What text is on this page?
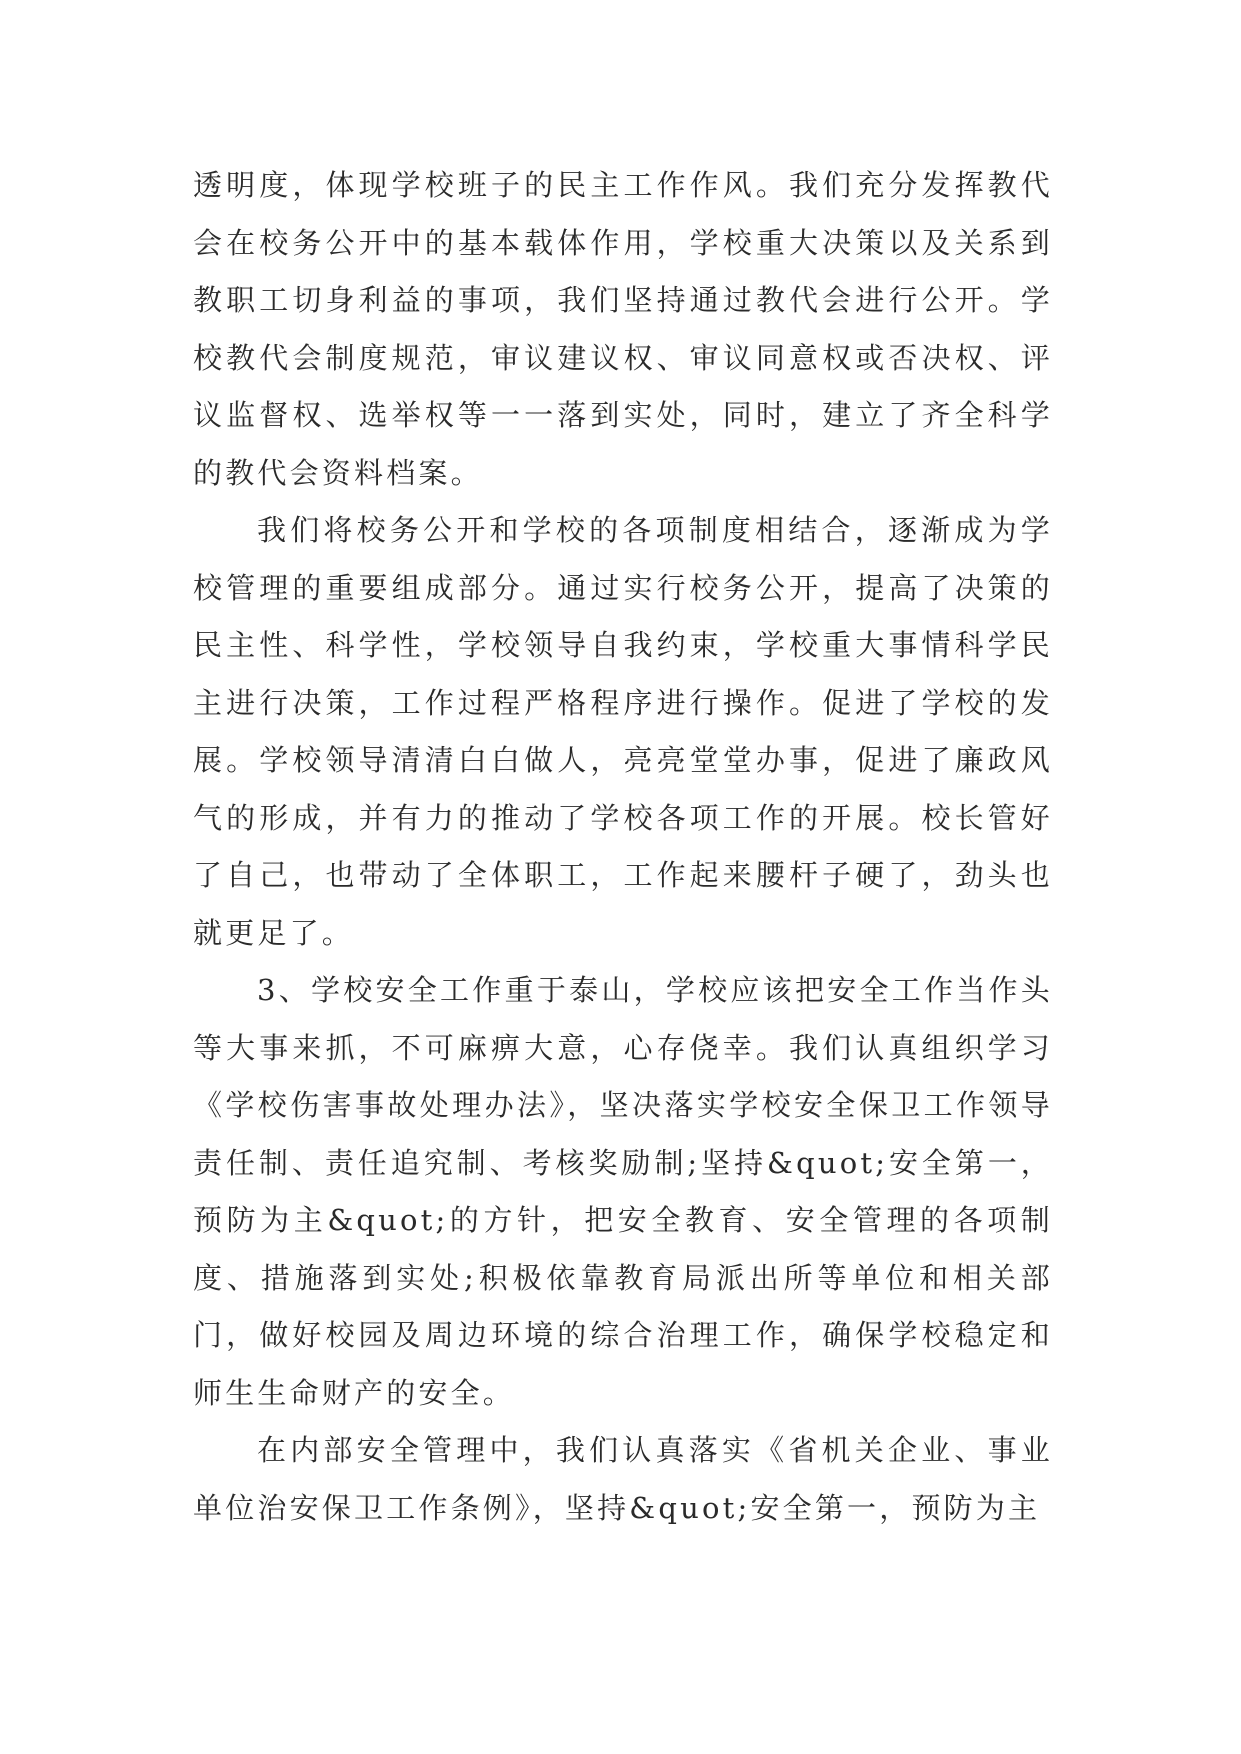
透明度，体现学校班子的民主工作作风。我们充分发挥教代会在校务公开中的基本载体作用，学校重大决策以及关系到教职工切身利益的事项，我们坚持通过教代会进行公开。学校教代会制度规范，审议建议权、审议同意权或否决权、评议监督权、选举权等一一落到实处，同时，建立了齐全科学的教代会资料档案。

我们将校务公开和学校的各项制度相结合，逐渐成为学校管理的重要组成部分。通过实行校务公开，提高了决策的民主性、科学性，学校领导自我约束，学校重大事情科学民主进行决策，工作过程严格程序进行操作。促进了学校的发展。学校领导清清白白做人，亮亮堂堂办事，促进了廉政风气的形成，并有力的推动了学校各项工作的开展。校长管好了自己，也带动了全体职工，工作起来腰杆子硬了，劲头也就更足了。

3、学校安全工作重于泰山，学校应该把安全工作当作头等大事来抓，不可麻痹大意，心存侥幸。我们认真组织学习《学校伤害事故处理办法》，坚决落实学校安全保卫工作领导责任制、责任追究制、考核奖励制;坚持&quot;安全第一，预防为主&quot;的方针，把安全教育、安全管理的各项制度、措施落到实处;积极依靠教育局派出所等单位和相关部门，做好校园及周边环境的综合治理工作，确保学校稳定和师生生命财产的安全。

在内部安全管理中，我们认真落实《省机关企业、事业单位治安保卫工作条例》，坚持&quot;安全第一，预防为主
